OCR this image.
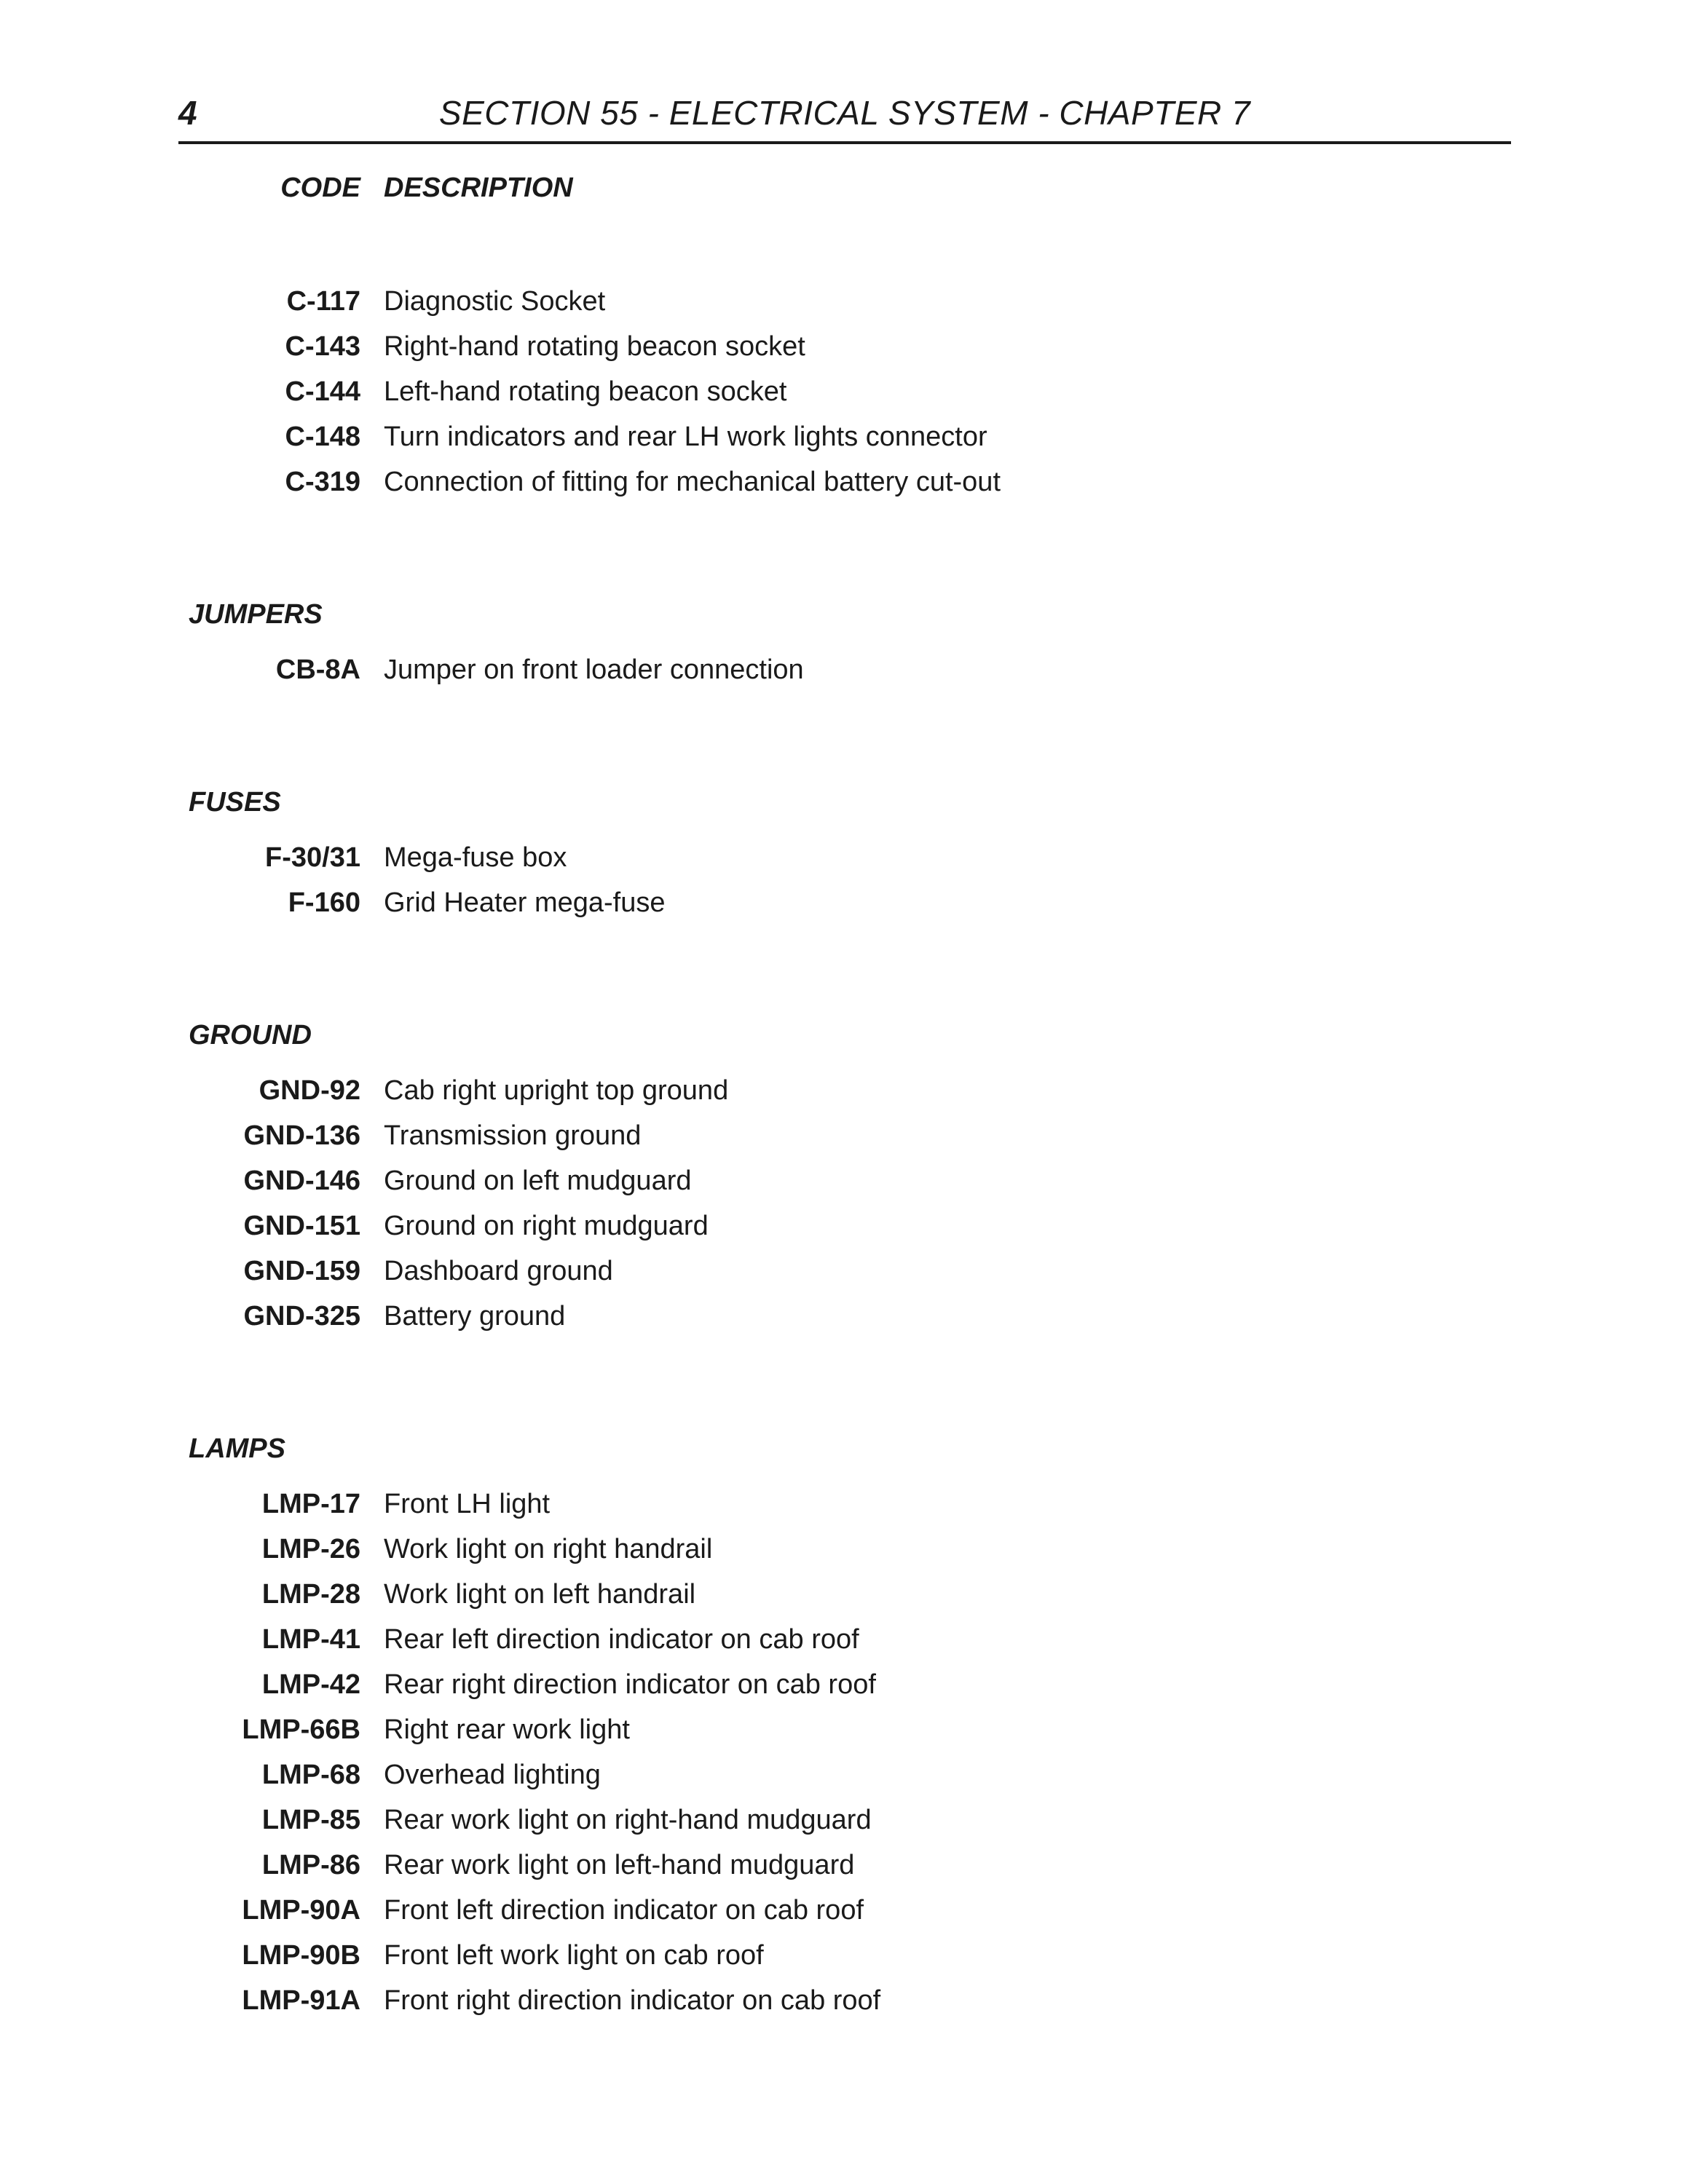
4	SECTION 55 - ELECTRICAL SYSTEM - CHAPTER 7
CODE DESCRIPTION
C-117 Diagnostic Socket
C-143 Right-hand rotating beacon socket
C-144 Left-hand rotating beacon socket
C-148 Turn indicators and rear LH work lights connector
C-319 Connection of fitting for mechanical battery cut-out
JUMPERS
CB-8A Jumper on front loader connection
FUSES
F-30/31 Mega-fuse box
F-160 Grid Heater mega-fuse
GROUND
GND-92 Cab right upright top ground
GND-136 Transmission ground
GND-146 Ground on left mudguard
GND-151 Ground on right mudguard
GND-159 Dashboard ground
GND-325 Battery ground
LAMPS
LMP-17 Front LH light
LMP-26 Work light on right handrail
LMP-28 Work light on left handrail
LMP-41 Rear left direction indicator on cab roof
LMP-42 Rear right direction indicator on cab roof
LMP-66B Right rear work light
LMP-68 Overhead lighting
LMP-85 Rear work light on right-hand mudguard
LMP-86 Rear work light on left-hand mudguard
LMP-90A Front left direction indicator on cab roof
LMP-90B Front left work light on cab roof
LMP-91A Front right direction indicator on cab roof
